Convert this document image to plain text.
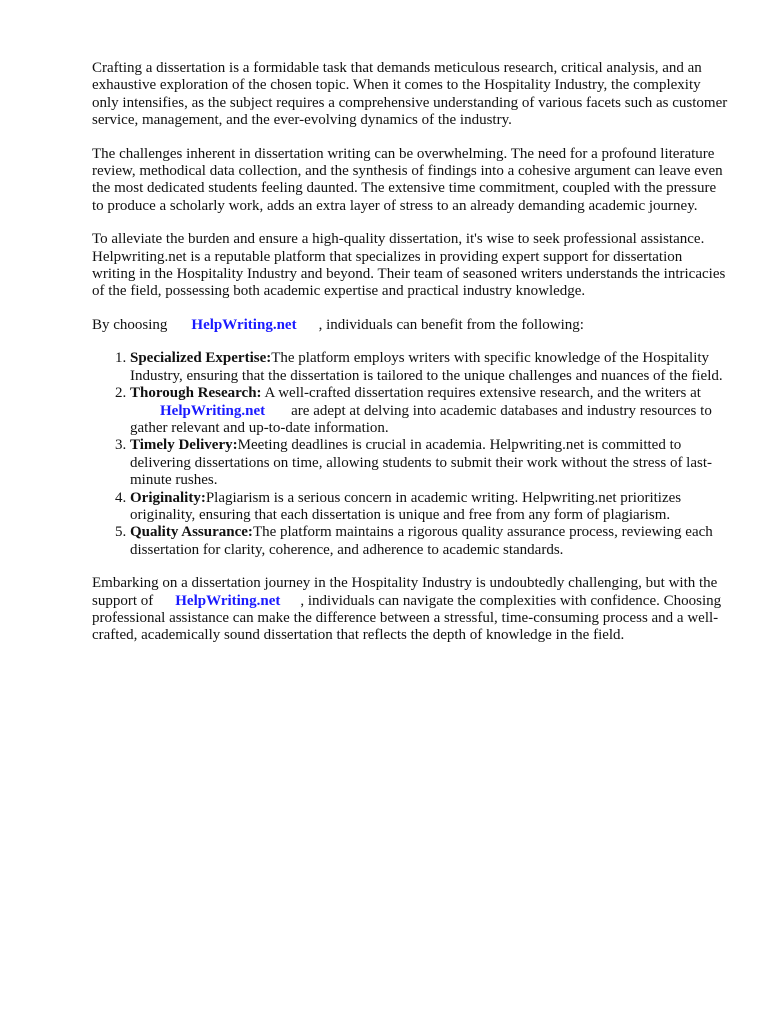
Crafting a dissertation is a formidable task that demands meticulous research, critical analysis, and an exhaustive exploration of the chosen topic. When it comes to the Hospitality Industry, the complexity only intensifies, as the subject requires a comprehensive understanding of various facets such as customer service, management, and the ever-evolving dynamics of the industry.

The challenges inherent in dissertation writing can be overwhelming. The need for a profound literature review, methodical data collection, and the synthesis of findings into a cohesive argument can leave even the most dedicated students feeling daunted. The extensive time commitment, coupled with the pressure to produce a scholarly work, adds an extra layer of stress to an already demanding academic journey.

To alleviate the burden and ensure a high-quality dissertation, it's wise to seek professional assistance. Helpwriting.net is a reputable platform that specializes in providing expert support for dissertation writing in the Hospitality Industry and beyond. Their team of seasoned writers understands the intricacies of the field, possessing both academic expertise and practical industry knowledge.

By choosing HelpWriting.net , individuals can benefit from the following:

1. Specialized Expertise:The platform employs writers with specific knowledge of the Hospitality Industry, ensuring that the dissertation is tailored to the unique challenges and nuances of the field.
2. Thorough Research: A well-crafted dissertation requires extensive research, and the writers atHelpWriting.net are adept at delving into academic databases and industry resources to gather relevant and up-to-date information.
3. Timely Delivery:Meeting deadlines is crucial in academia. Helpwriting.net is committed to delivering dissertations on time, allowing students to submit their work without the stress of last-minute rushes.
4. Originality:Plagiarism is a serious concern in academic writing. Helpwriting.net prioritizes originality, ensuring that each dissertation is unique and free from any form of plagiarism.
5. Quality Assurance:The platform maintains a rigorous quality assurance process, reviewing each dissertation for clarity, coherence, and adherence to academic standards.

Embarking on a dissertation journey in the Hospitality Industry is undoubtedly challenging, but with the support of HelpWriting.net , individuals can navigate the complexities with confidence. Choosing professional assistance can make the difference between a stressful, time-consuming process and a well-crafted, academically sound dissertation that reflects the depth of knowledge in the field.
